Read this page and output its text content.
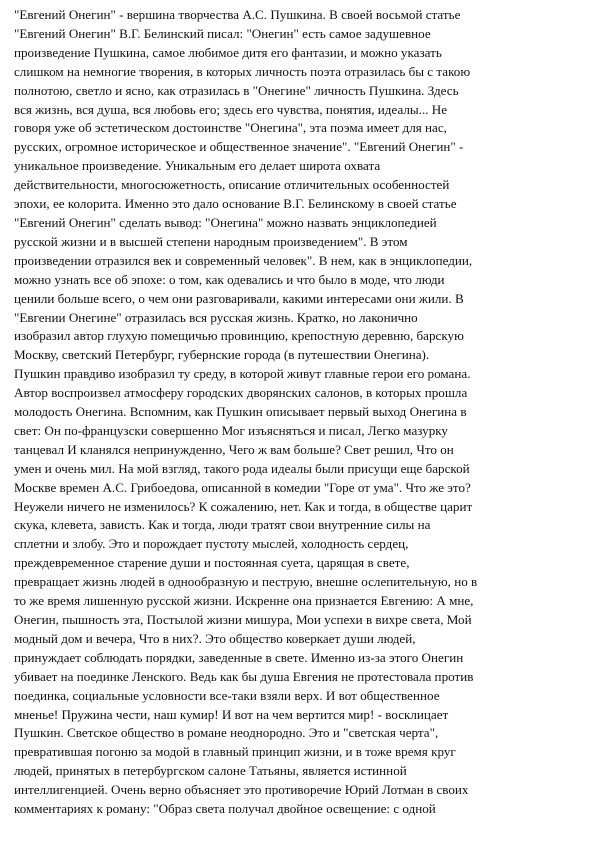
"Евгений Онегин" - вершина творчества А.С. Пушкина. В своей восьмой статье
"Евгений Онегин" В.Г. Белинский писал: "Онегин" есть самое задушевное
произведение Пушкина, самое любимое дитя его фантазии, и можно указать
слишком на немногие творения, в которых личность поэта отразилась бы с такою
полнотою, светло и ясно, как отразилась в "Онегине" личность Пушкина. Здесь
вся жизнь, вся душа, вся любовь его; здесь его чувства, понятия, идеалы... Не
говоря уже об эстетическом достоинстве "Онегина", эта поэма имеет для нас,
русских, огромное историческое и общественное значение". "Евгений Онегин" -
уникальное произведение. Уникальным его делает широта охвата
действительности, многосюжетность, описание отличительных особенностей
эпохи, ее колорита. Именно это дало основание В.Г. Белинскому в своей статье
"Евгений Онегин" сделать вывод: "Онегина" можно назвать энциклопедией
русской жизни и в высшей степени народным произведением". В этом
произведении отразился век и современный человек". В нем, как в энциклопедии,
можно узнать все об эпохе: о том, как одевались и что было в моде, что люди
ценили больше всего, о чем они разговаривали, какими интересами они жили. В
"Евгении Онегине" отразилась вся русская жизнь. Кратко, но лаконично
изобразил автор глухую помещичью провинцию, крепостную деревню, барскую
Москву, светский Петербург, губернские города (в путешествии Онегина).
Пушкин правдиво изобразил ту среду, в которой живут главные герои его романа.
Автор воспроизвел атмосферу городских дворянских салонов, в которых прошла
молодость Онегина. Вспомним, как Пушкин описывает первый выход Онегина в
свет: Он по-французски совершенно Мог изъясняться и писал, Легко мазурку
танцевал И кланялся непринужденно, Чего ж вам больше? Свет решил, Что он
умен и очень мил. На мой взгляд, такого рода идеалы были присущи еще барской
Москве времен А.С. Грибоедова, описанной в комедии "Горе от ума". Что же это?
Неужели ничего не изменилось? К сожалению, нет. Как и тогда, в обществе царит
скука, клевета, зависть. Как и тогда, люди тратят свои внутренние силы на
сплетни и злобу. Это и порождает пустоту мыслей, холодность сердец,
преждевременное старение души и постоянная суета, царящая в свете,
превращает жизнь людей в однообразную и пеструю, внешне ослепительную, но в
то же время лишенную русской жизни. Искренне она признается Евгению: А мне,
Онегин, пышность эта, Постылой жизни мишура, Мои успехи в вихре света, Мой
модный дом и вечера, Что в них?. Это общество коверкает души людей,
принуждает соблюдать порядки, заведенные в свете. Именно из-за этого Онегин
убивает на поединке Ленского. Ведь как бы душа Евгения не протестовала против
поединка, социальные условности все-таки взяли верх. И вот общественное
мненье! Пружина чести, наш кумир! И вот на чем вертится мир! - восклицает
Пушкин. Светское общество в романе неоднородно. Это и "светская черта",
превратившая погоню за модой в главный принцип жизни, и в тоже время круг
людей, принятых в петербургском салоне Татьяны, является истинной
интеллигенцией. Очень верно объясняет это противоречие Юрий Лотман в своих
комментариях к роману: "Образ света получал двойное освещение: с одной
